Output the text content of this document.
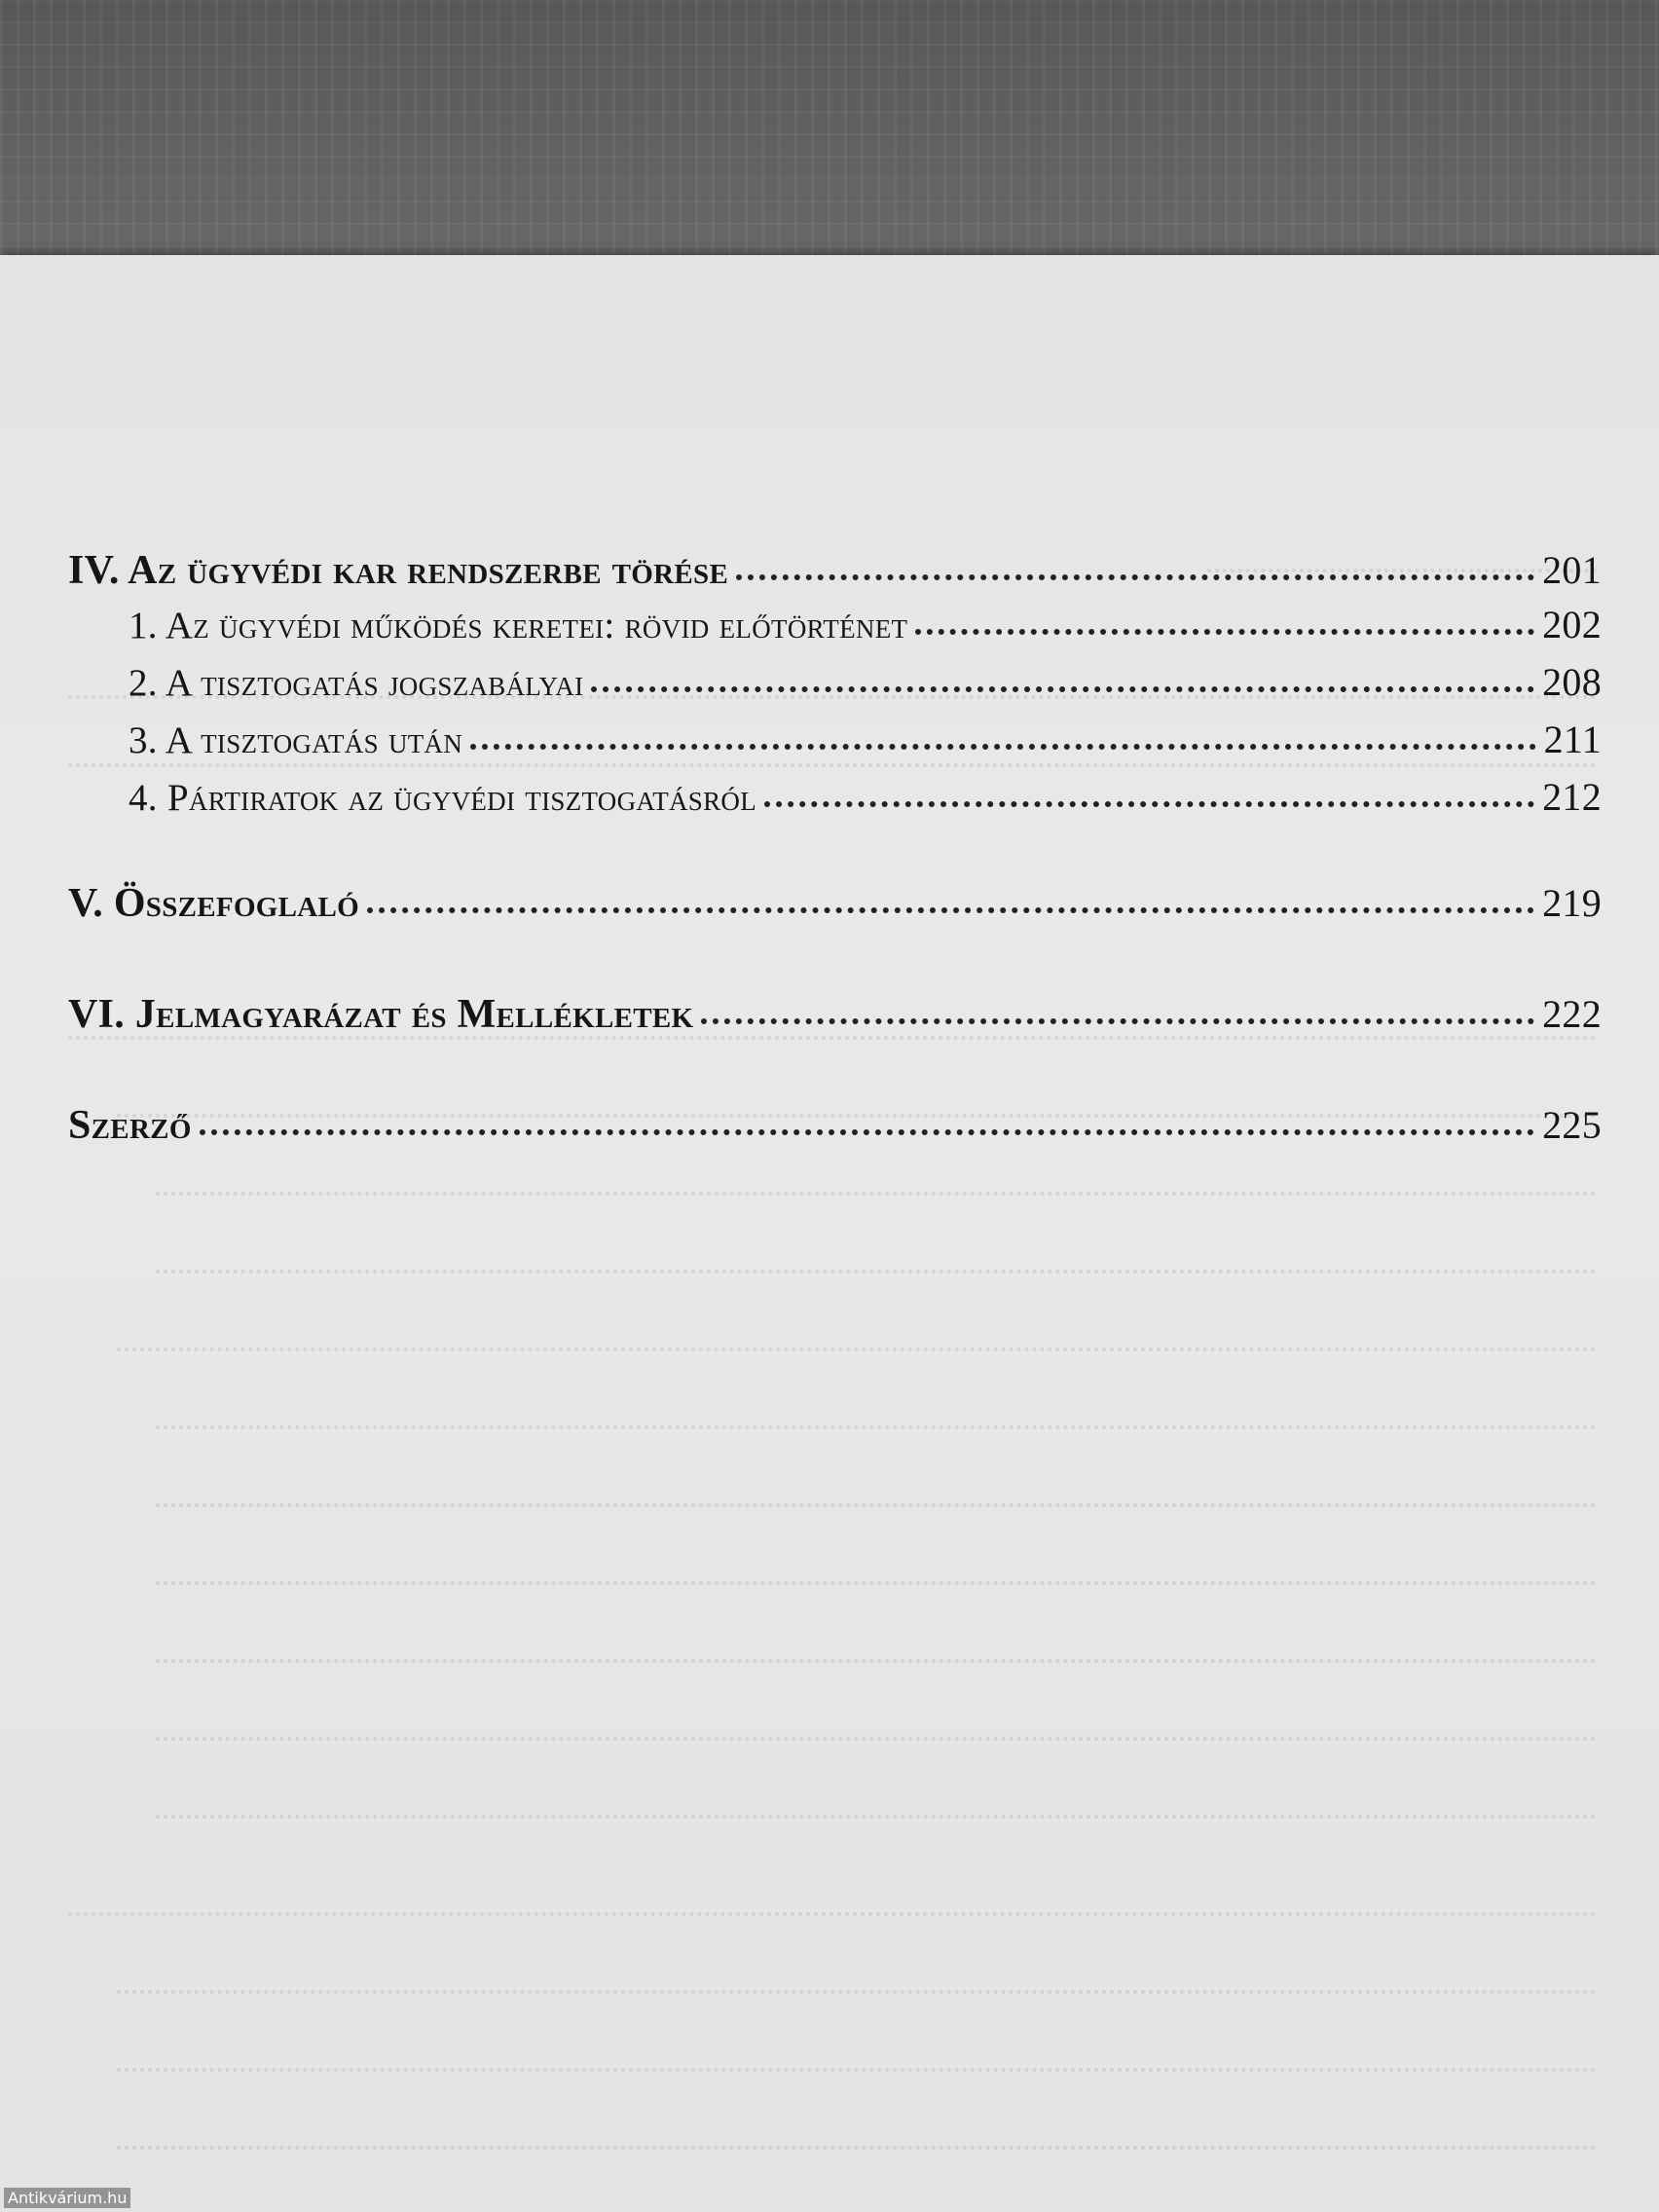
IV. Az ügyvédi kar rendszerbe törése	201
1. Az ügyvédi működés keretei: rövid előtörténet	202
2. A tisztogatás jogszabályai	208
3. A tisztogatás után	211
4. Pártiratok az ügyvédi tisztogatásról	212
V. Összefoglaló	219
VI. Jelmagyarázat és Mellékletek	222
Szerző	225
Antikvárium.hu
